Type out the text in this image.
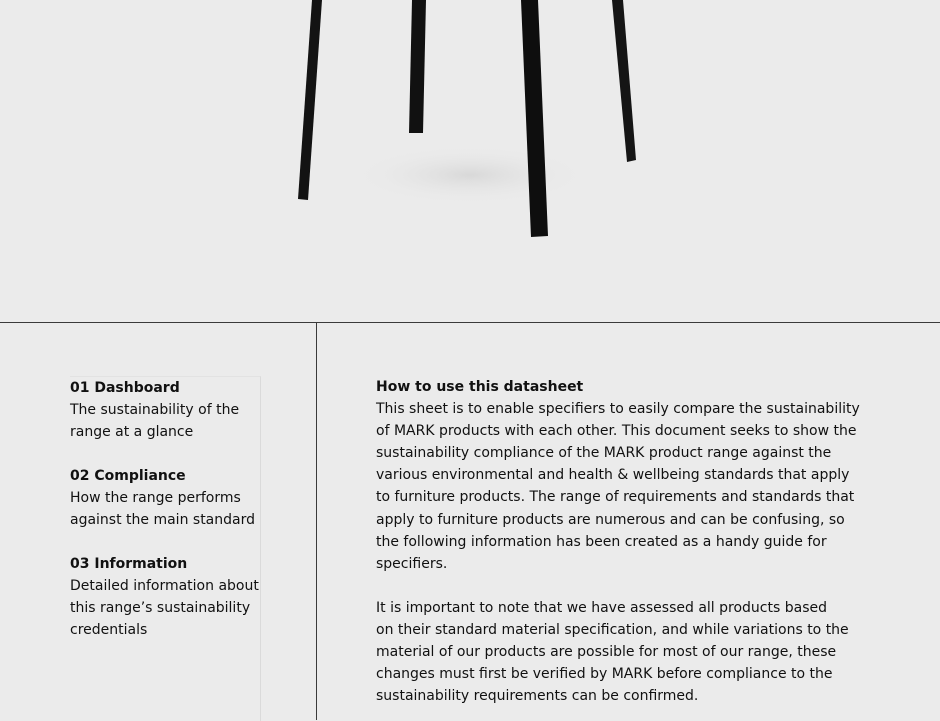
01 Dashboard
The sustainability of the
range at a glance
02 Compliance
How the range performs
against the main standard
03 Information
Detailed information about
this range’s sustainability
credentials
How to use this datasheet
This sheet is to enable specifiers to easily compare the sustainability
of MARK products with each other. This document seeks to show the
sustainability compliance of the MARK product range against the
various environmental and health & wellbeing standards that apply
to furniture products. The range of requirements and standards that
apply to furniture products are numerous and can be confusing, so
the following information has been created as a handy guide for
specifiers.
It is important to note that we have assessed all products based
on their standard material specification, and while variations to the
material of our products are possible for most of our range, these
changes must first be verified by MARK before compliance to the
sustainability requirements can be confirmed.
